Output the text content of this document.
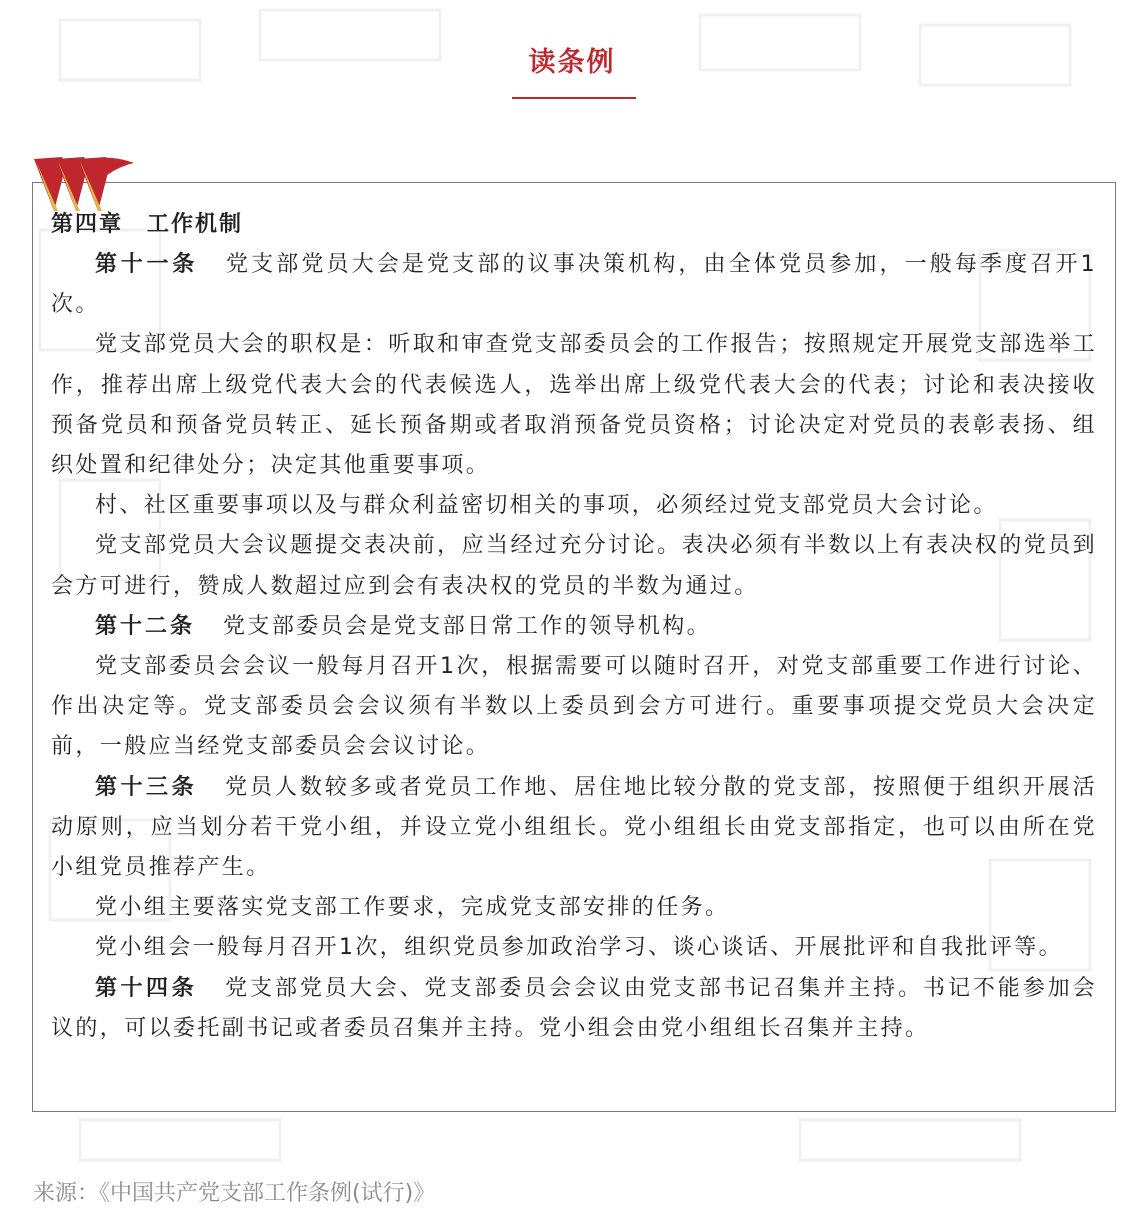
读条例
第四章　工作机制
第十一条 党支部党员大会是党支部的议事决策机构，由全体党员参加，一般每季度召开1次。
党支部党员大会的职权是：听取和审查党支部委员会的工作报告；按照规定开展党支部选举工作，推荐出席上级党代表大会的代表候选人，选举出席上级党代表大会的代表；讨论和表决接收预备党员和预备党员转正、延长预备期或者取消预备党员资格；讨论决定对党员的表彰表扬、组织处置和纪律处分；决定其他重要事项。
村、社区重要事项以及与群众利益密切相关的事项，必须经过党支部党员大会讨论。
党支部党员大会议题提交表决前，应当经过充分讨论。表决必须有半数以上有表决权的党员到会方可进行，赞成人数超过应到会有表决权的党员的半数为通过。
第十二条 党支部委员会是党支部日常工作的领导机构。
党支部委员会会议一般每月召开1次，根据需要可以随时召开，对党支部重要工作进行讨论、作出决定等。党支部委员会会议须有半数以上委员到会方可进行。重要事项提交党员大会决定前，一般应当经党支部委员会会议讨论。
第十三条 党员人数较多或者党员工作地、居住地比较分散的党支部，按照便于组织开展活动原则，应当划分若干党小组，并设立党小组组长。党小组组长由党支部指定，也可以由所在党小组党员推荐产生。
党小组主要落实党支部工作要求，完成党支部安排的任务。
党小组会一般每月召开1次，组织党员参加政治学习、谈心谈话、开展批评和自我批评等。
第十四条 党支部党员大会、党支部委员会会议由党支部书记召集并主持。书记不能参加会议的，可以委托副书记或者委员召集并主持。党小组会由党小组组长召集并主持。
来源：《中国共产党支部工作条例(试行)》
